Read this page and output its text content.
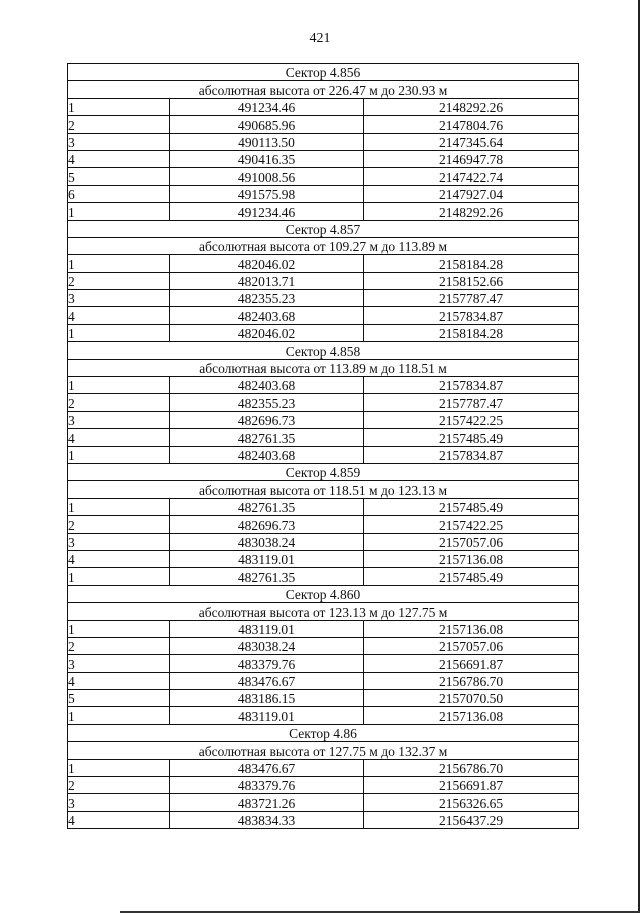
421
Сектор 4.856		
абсолютная высота от 226.47 м до 230.93 м		
1	491234.46	2148292.26
2	490685.96	2147804.76
3	490113.50	2147345.64
4	490416.35	2146947.78
5	491008.56	2147422.74
6	491575.98	2147927.04
1	491234.46	2148292.26
Сектор 4.857		
абсолютная высота от 109.27 м до 113.89 м		
1	482046.02	2158184.28
2	482013.71	2158152.66
3	482355.23	2157787.47
4	482403.68	2157834.87
1	482046.02	2158184.28
Сектор 4.858		
абсолютная высота от 113.89 м до 118.51 м		
1	482403.68	2157834.87
2	482355.23	2157787.47
3	482696.73	2157422.25
4	482761.35	2157485.49
1	482403.68	2157834.87
Сектор 4.859		
абсолютная высота от 118.51 м до 123.13 м		
1	482761.35	2157485.49
2	482696.73	2157422.25
3	483038.24	2157057.06
4	483119.01	2157136.08
1	482761.35	2157485.49
Сектор 4.860		
абсолютная высота от 123.13 м до 127.75 м		
1	483119.01	2157136.08
2	483038.24	2157057.06
3	483379.76	2156691.87
4	483476.67	2156786.70
5	483186.15	2157070.50
1	483119.01	2157136.08
Сектор 4.86		
абсолютная высота от 127.75 м до 132.37 м		
1	483476.67	2156786.70
2	483379.76	2156691.87
3	483721.26	2156326.65
4	483834.33	2156437.29
